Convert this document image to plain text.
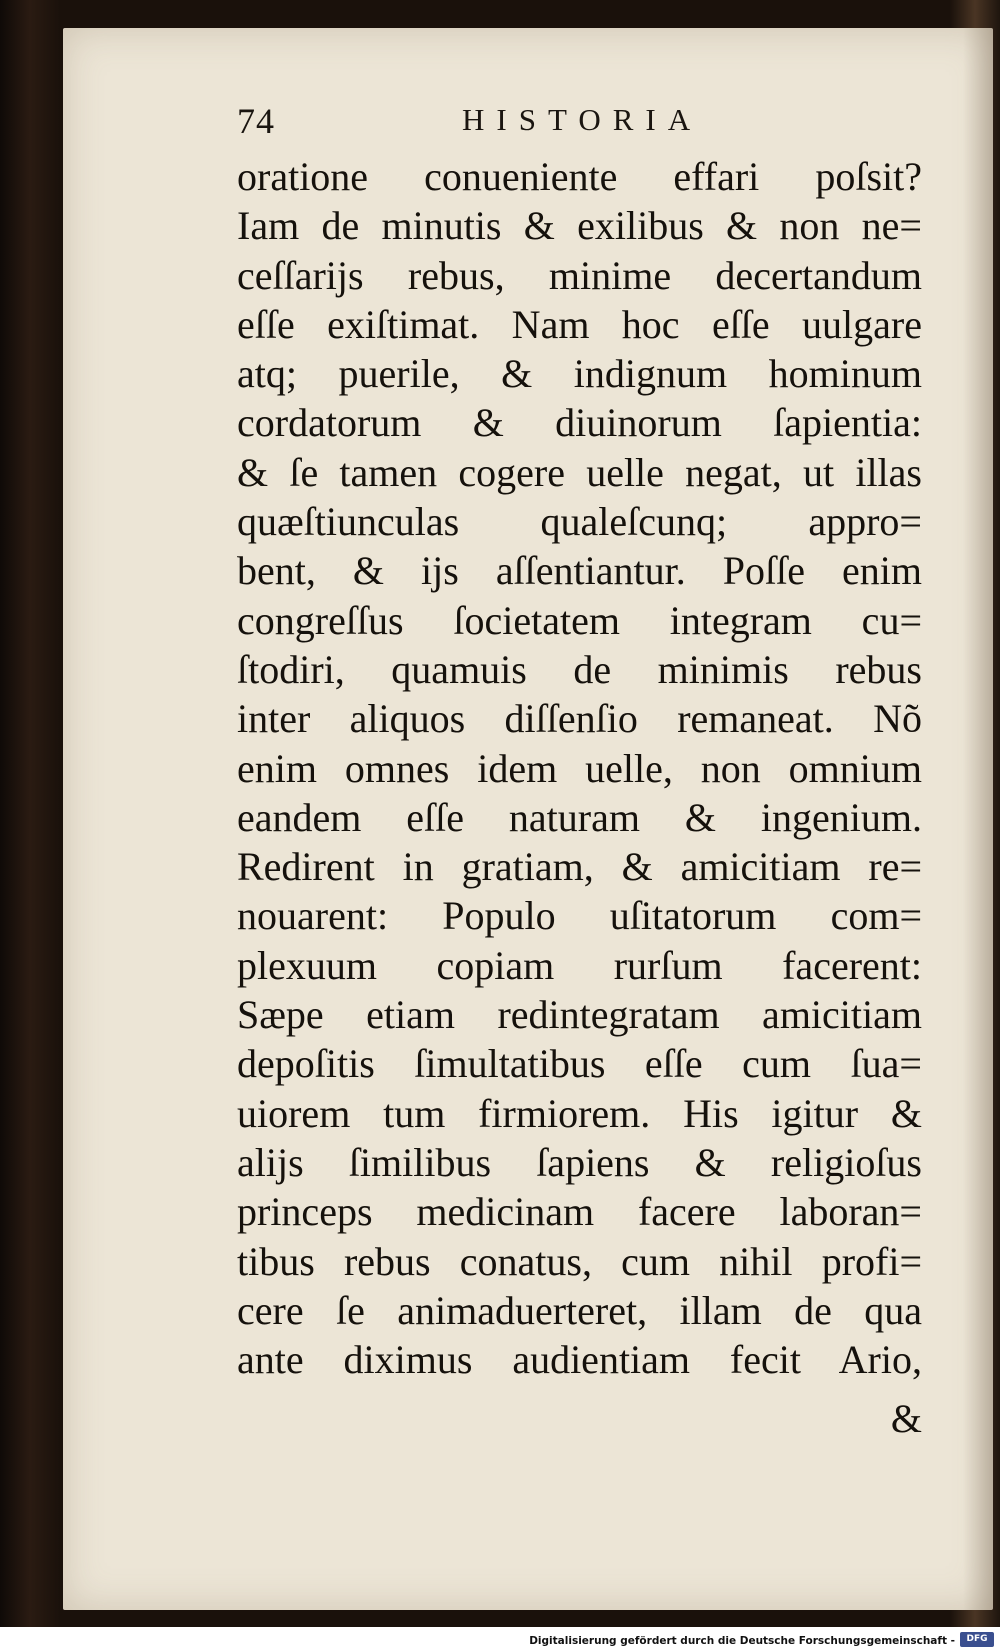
74	HISTORIA
oratione conueniente effari poſsit?
Iam de minutis & exilibus & non ne=
ceſſarijs rebus, minime decertandum
eſſe exiſtimat. Nam hoc eſſe uulgare
atq; puerile, & indignum hominum
cordatorum & diuinorum ſapientia:
& ſe tamen cogere uelle negat, ut illas
quæſtiunculas qualeſcunq; appro=
bent, & ijs aſſentiantur. Poſſe enim
congreſſus ſocietatem integram cu=
ſtodiri, quamuis de minimis rebus
inter aliquos diſſenſio remaneat. Nõ
enim omnes idem uelle, non omnium
eandem eſſe naturam & ingenium.
Redirent in gratiam, & amicitiam re=
nouarent: Populo uſitatorum com=
plexuum copiam rurſum facerent:
Sæpe etiam redintegratam amicitiam
depoſitis ſimultatibus eſſe cum ſua=
uiorem tum firmiorem. His igitur &
alijs ſimilibus ſapiens & religioſus
princeps medicinam facere laboran=
tibus rebus conatus, cum nihil profi=
cere ſe animaduerteret, illam de qua
ante diximus audientiam fecit Ario,
&
Digitalisierung gefördert durch die Deutsche Forschungsgemeinschaft -	DFG
